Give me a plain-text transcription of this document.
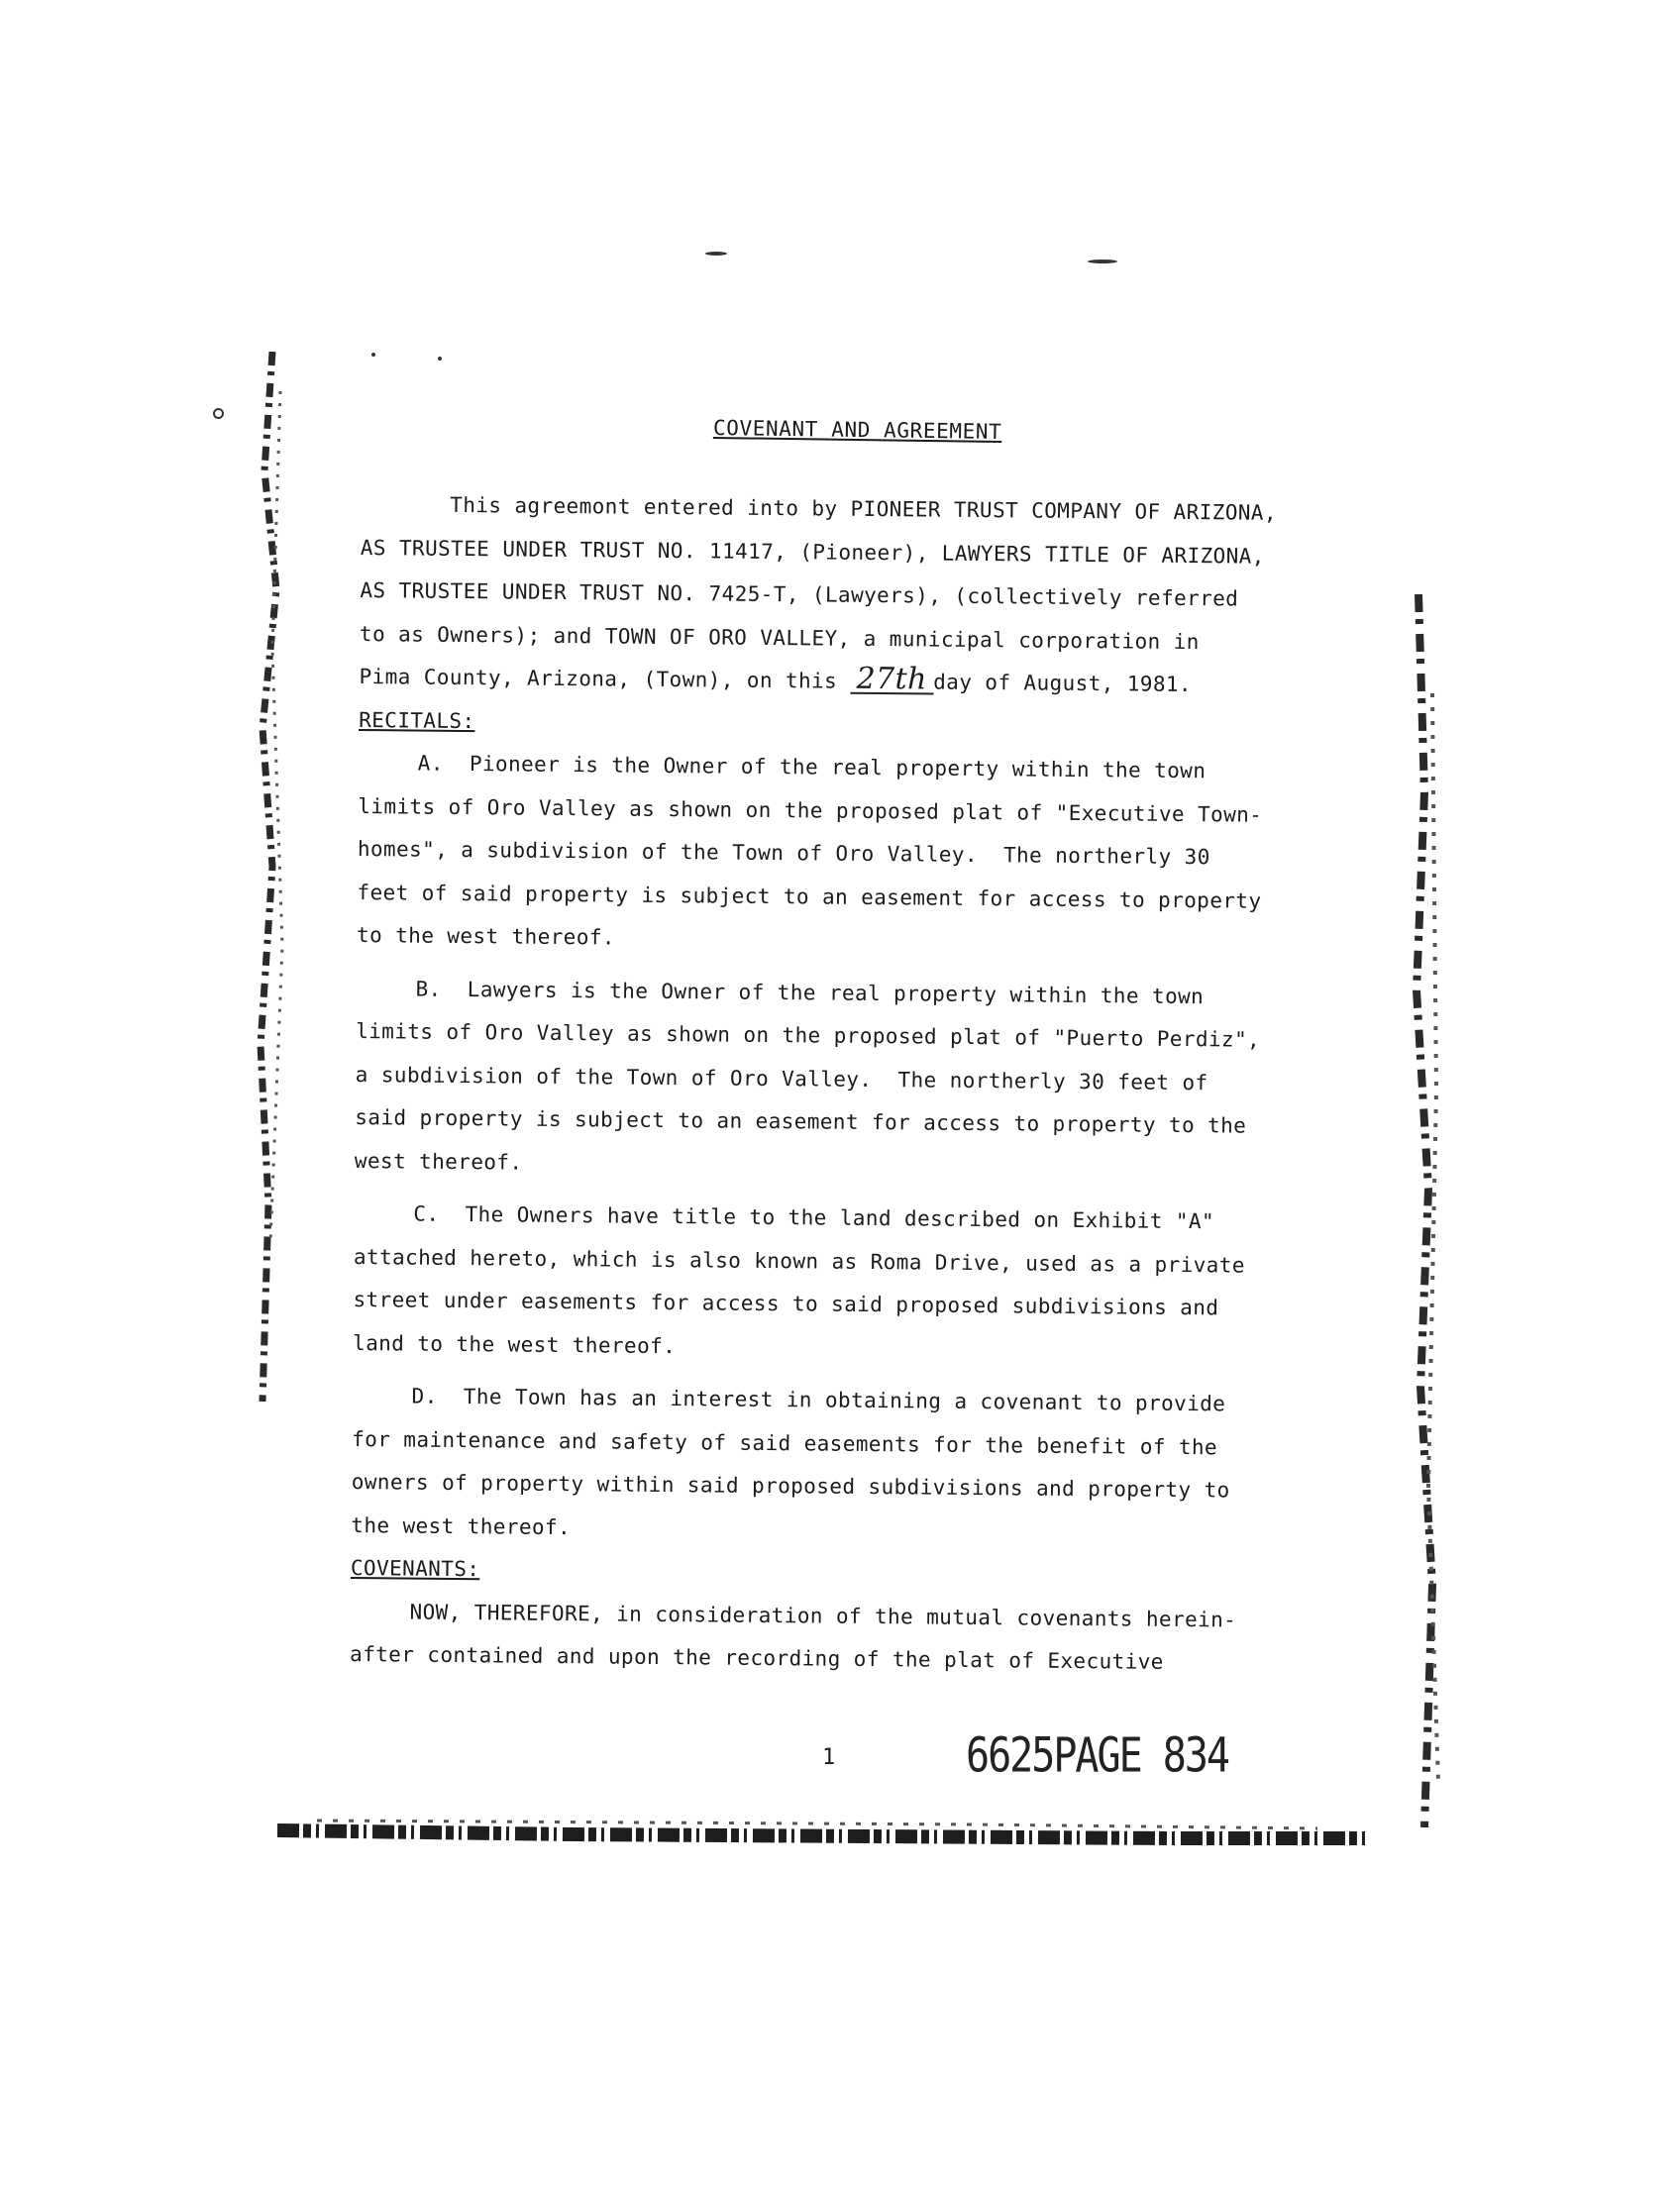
COVENANT AND AGREEMENT
This agreemont entered into by PIONEER TRUST COMPANY OF ARIZONA,
AS TRUSTEE UNDER TRUST NO. 11417, (Pioneer), LAWYERS TITLE OF ARIZONA,
AS TRUSTEE UNDER TRUST NO. 7425-T, (Lawyers), (collectively referred
to as Owners); and TOWN OF ORO VALLEY, a municipal corporation in
Pima County, Arizona, (Town), on this 27th day of August, 1981.
RECITALS:
A.  Pioneer is the Owner of the real property within the town
limits of Oro Valley as shown on the proposed plat of "Executive Town-
homes", a subdivision of the Town of Oro Valley.  The northerly 30
feet of said property is subject to an easement for access to property
to the west thereof.
B.  Lawyers is the Owner of the real property within the town
limits of Oro Valley as shown on the proposed plat of "Puerto Perdiz",
a subdivision of the Town of Oro Valley.  The northerly 30 feet of
said property is subject to an easement for access to property to the
west thereof.
C.  The Owners have title to the land described on Exhibit "A"
attached hereto, which is also known as Roma Drive, used as a private
street under easements for access to said proposed subdivisions and
land to the west thereof.
D.  The Town has an interest in obtaining a covenant to provide
for maintenance and safety of said easements for the benefit of the
owners of property within said proposed subdivisions and property to
the west thereof.
COVENANTS:
NOW, THEREFORE, in consideration of the mutual covenants herein-
after contained and upon the recording of the plat of Executive
1	6625PAGE 834
